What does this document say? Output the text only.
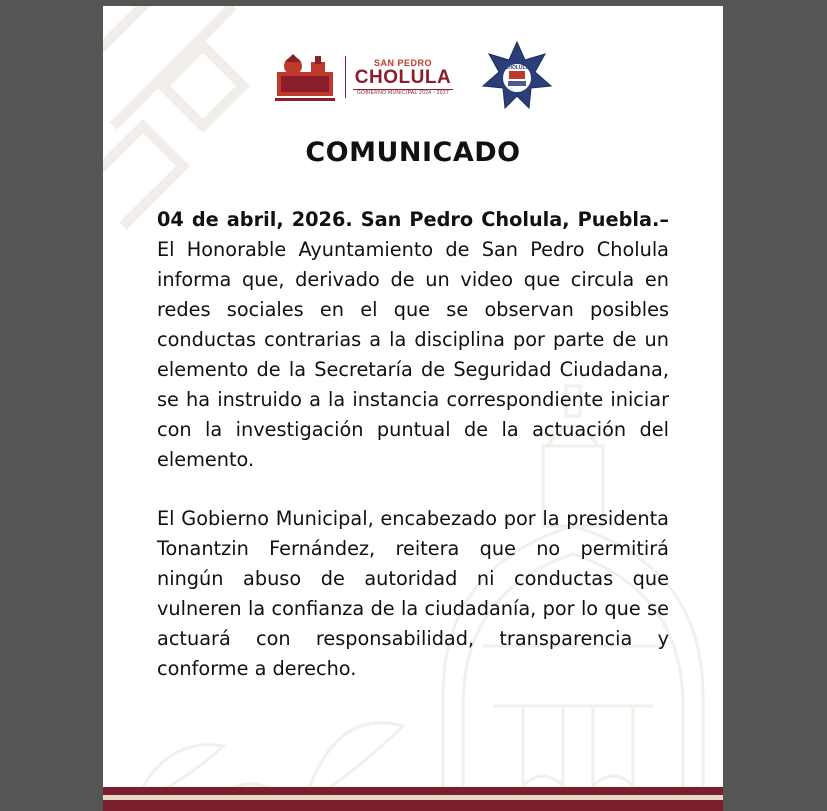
SAN PEDRO
CHOLULA
GOBIERNO MUNICIPAL 2024 - 2027
CHOLULA
COMUNICADO

04 de abril, 2026. San Pedro Cholula, Puebla.– El Honorable Ayuntamiento de San Pedro Cholula informa que, derivado de un video que circula en redes sociales en el que se observan posibles conductas contrarias a la disciplina por parte de un elemento de la Secretaría de Seguridad Ciudadana, se ha instruido a la instancia correspondiente iniciar con la investigación puntual de la actuación del elemento.

El Gobierno Municipal, encabezado por la presidenta Tonantzin Fernández, reitera que no permitirá ningún abuso de autoridad ni conductas que vulneren la confianza de la ciudadanía, por lo que se actuará con responsabilidad, transparencia y conforme a derecho.
